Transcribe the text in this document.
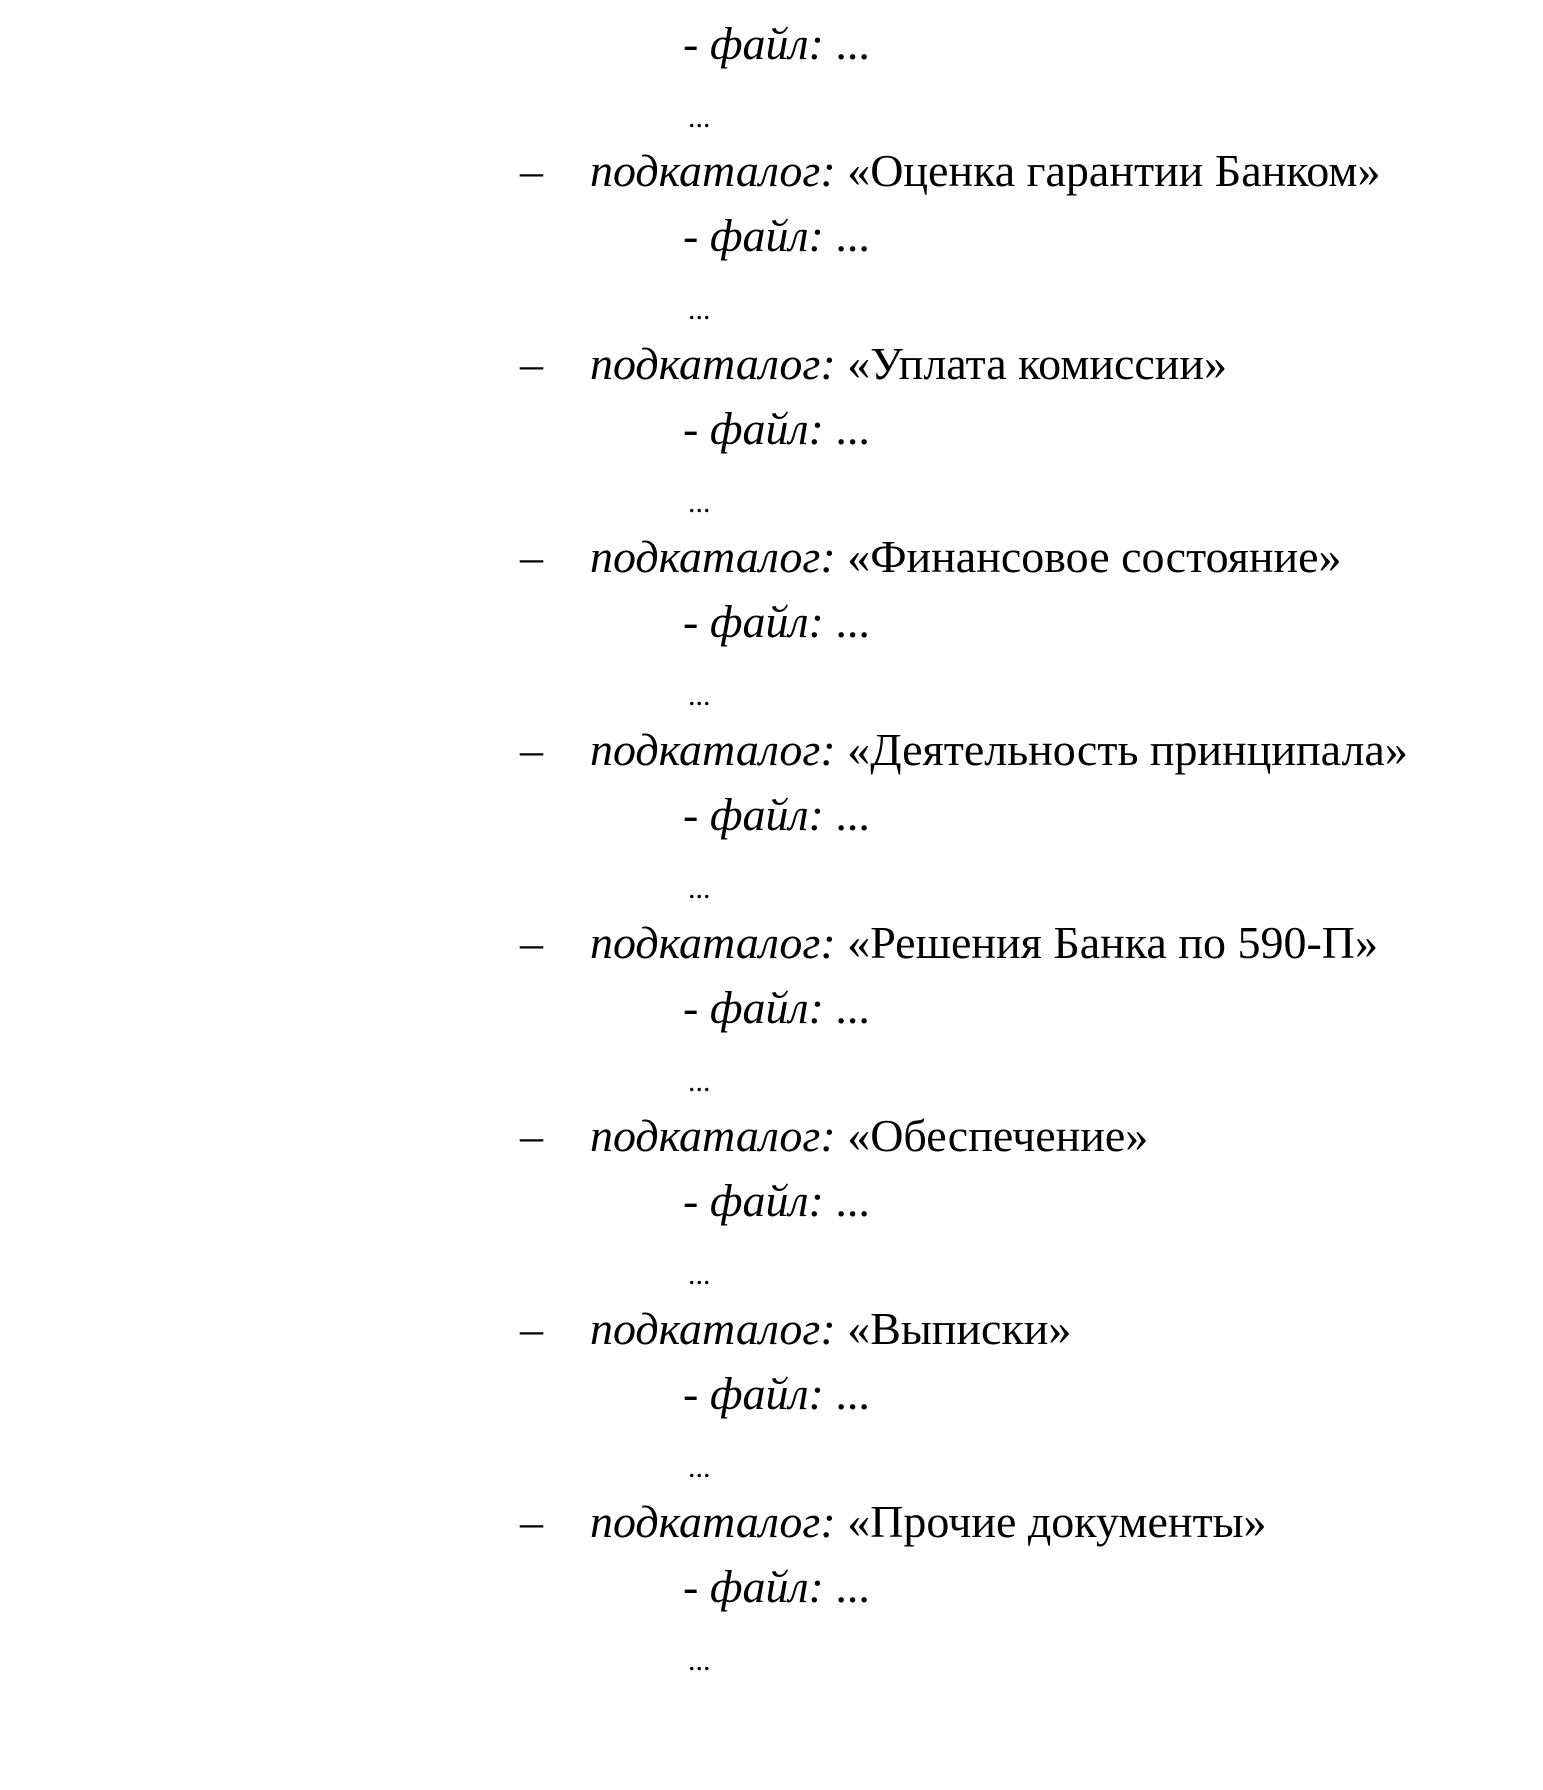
- файл: ...
...
– подкаталог: «Оценка гарантии Банком»
- файл: ...
...
– подкаталог: «Уплата комиссии»
- файл: ...
...
– подкаталог: «Финансовое состояние»
- файл: ...
...
– подкаталог: «Деятельность принципала»
- файл: ...
...
– подкаталог: «Решения Банка по 590-П»
- файл: ...
...
– подкаталог: «Обеспечение»
- файл: ...
...
– подкаталог: «Выписки»
- файл: ...
...
– подкаталог: «Прочие документы»
- файл: ...
...
